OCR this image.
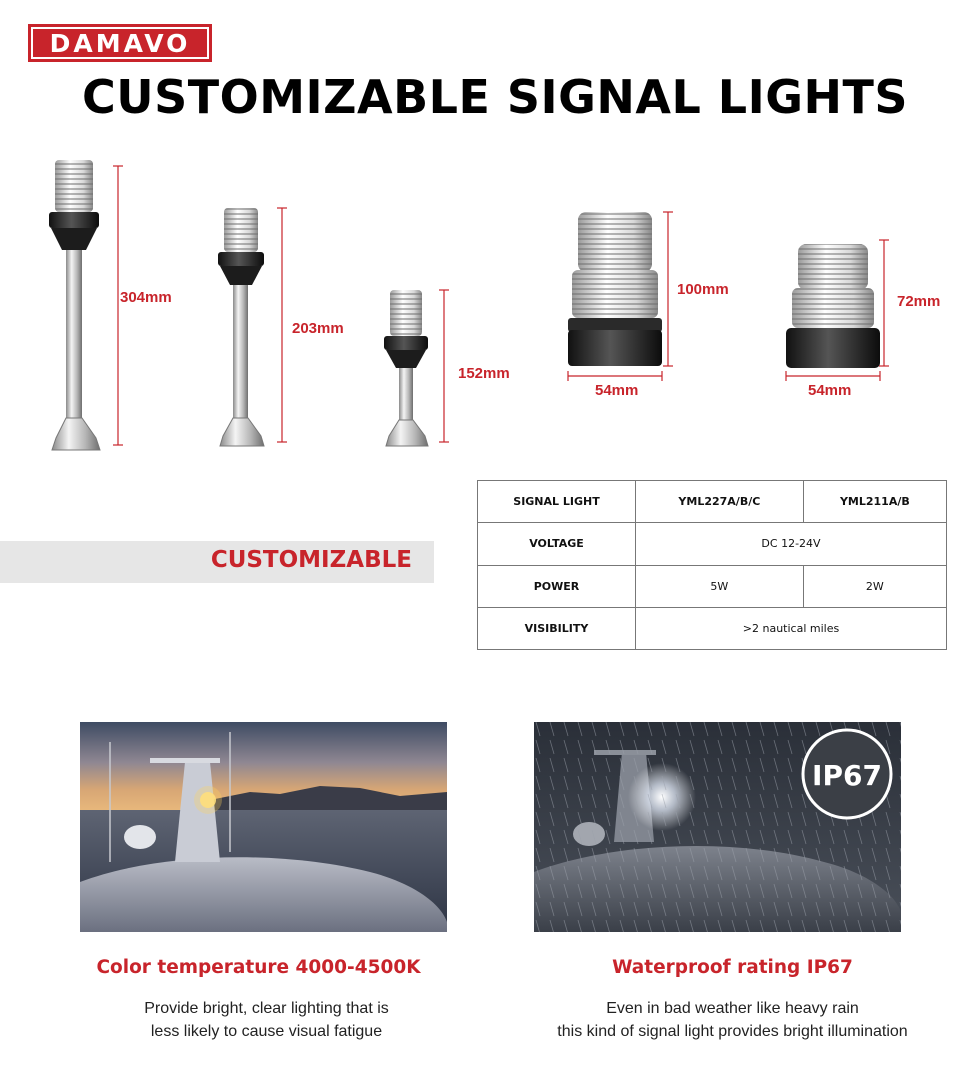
DAMAVO
CUSTOMIZABLE SIGNAL LIGHTS
304mm
203mm
152mm
100mm
54mm
72mm
54mm
CUSTOMIZABLE
SIGNAL LIGHT	YML227A/B/C	YML211A/B
VOLTAGE	DC 12-24V	
POWER	5W	2W
VISIBILITY	>2 nautical miles	
IP67
Color temperature 4000-4500K
Provide bright, clear lighting that is
less likely to cause visual fatigue
Waterproof rating IP67
Even in bad weather like heavy rain
this kind of signal light provides bright illumination
